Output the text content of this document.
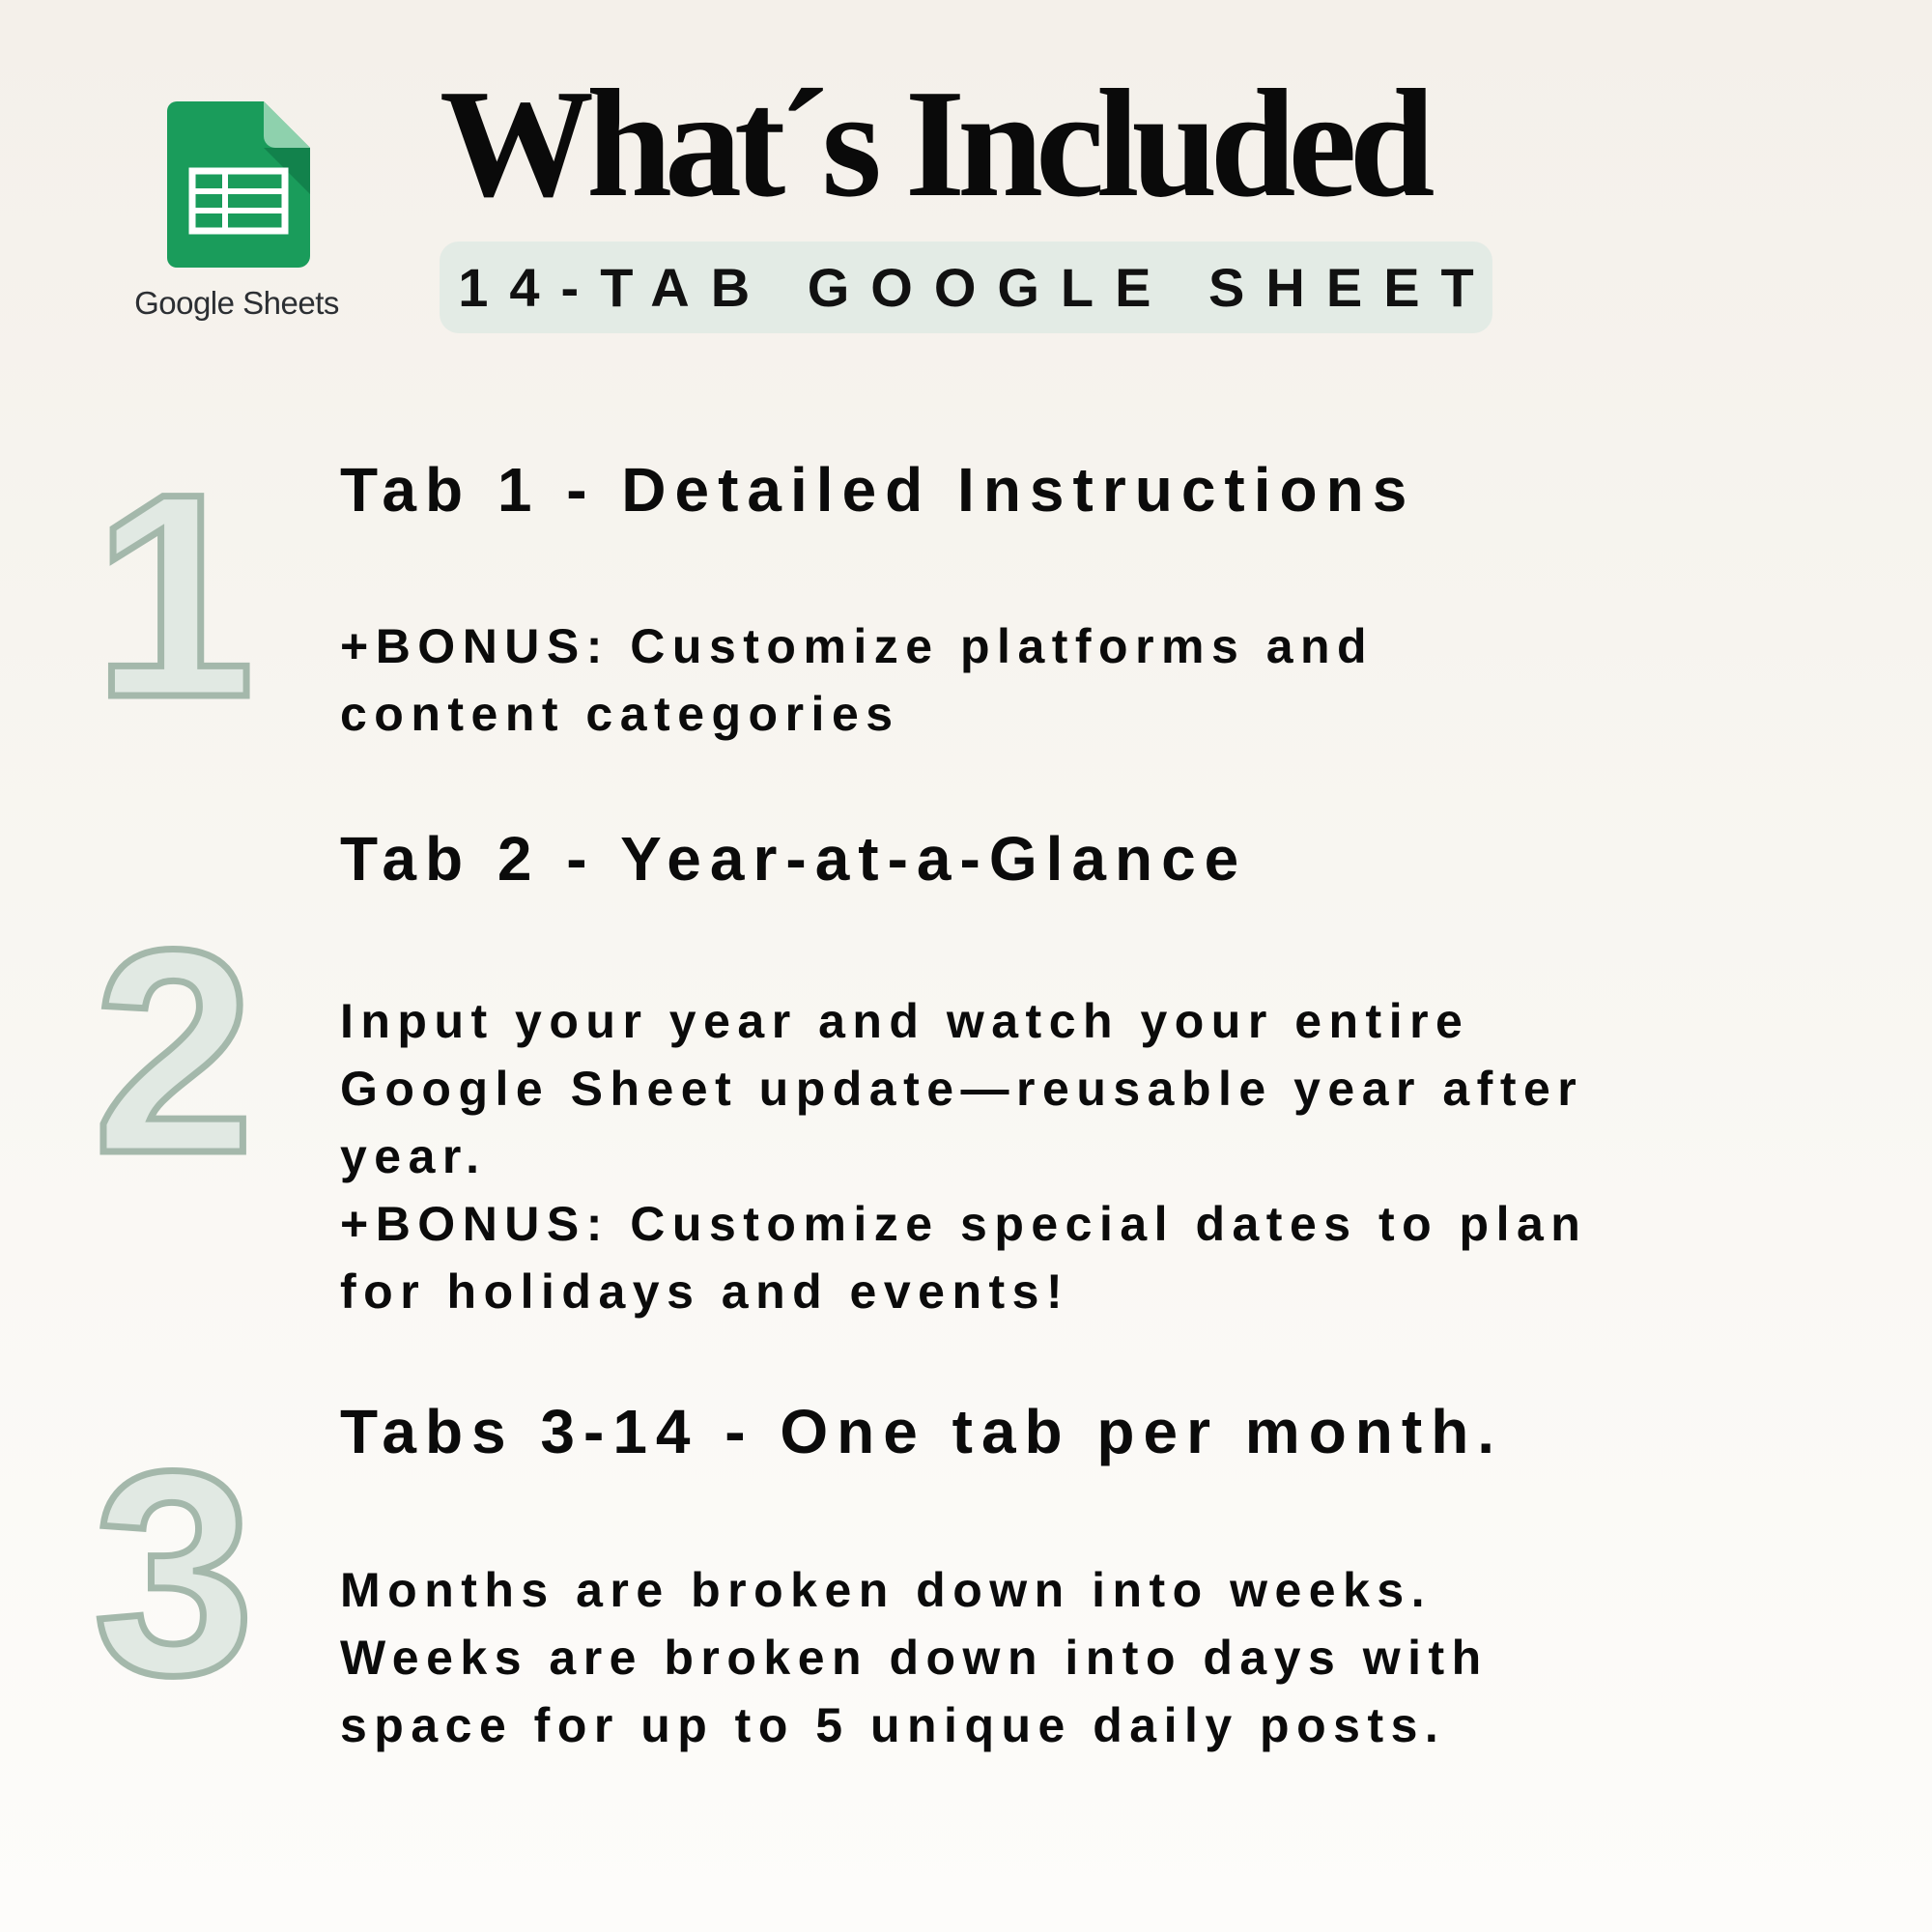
Google Sheets
What´s Included
14-TAB GOOGLE SHEET
1
2
3
Tab 1 - Detailed Instructions

+BONUS: Customize platforms and
content categories

Tab 2 - Year-at-a-Glance

Input your year and watch your entire
Google Sheet update—reusable year after
year.
+BONUS: Customize special dates to plan
for holidays and events!

Tabs 3-14 - One tab per month.

Months are broken down into weeks.
Weeks are broken down into days with
space for up to 5 unique daily posts.
